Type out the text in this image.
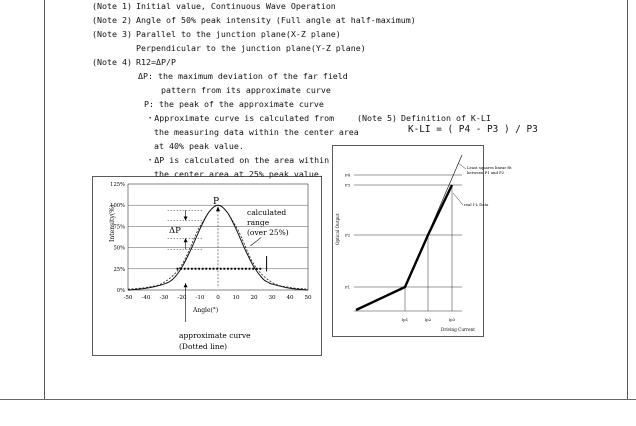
(Note 1) Initial value, Continuous Wave Operation
(Note 2) Angle of 50% peak intensity (Full angle at half-maximum)
(Note 3) Parallel to the junction plane(X-Z plane)
Perpendicular to the junction plane(Y-Z plane)
(Note 4) R12=ΔP/P
ΔP: the maximum deviation of the far field
pattern from its approximate curve
P: the peak of the approximate curve
・Approximate curve is calculated from
the measuring data within the center area
at 40% peak value.
・ΔP is calculated on the area within
the center area at 25% peak value.
(Note 5) Definition of K-LI
K-LI = ( P4 - P3 ) / P3
0%
25%
50%
75%
100%
125%
-50 -40 -30 -20 -10 0 10 20 30 40 50
Intensity(%)
Angle(°)
P
ΔP
calculated
range
(over 25%)
approximate curve
(Dotted line)
P4
P3
P2
P1
Ip1	Ip2	Ip3
Optical Output
Driving Current
Least squares linear fit
between P1 and P2
real I-L Data
